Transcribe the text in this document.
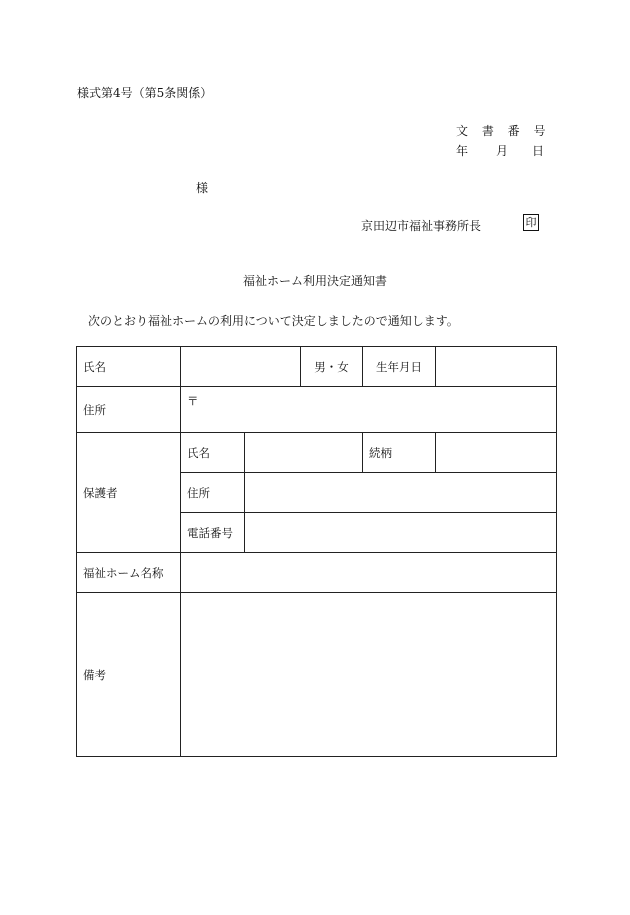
様式第4号（第5条関係）
文 書 番 号
年 月 日
様
京田辺市福祉事務所長	印
福祉ホーム利用決定通知書
次のとおり福祉ホームの利用について決定しましたので通知します。
氏名			男・女	生年月日	
住所	〒				
保護者	氏名			続柄	
	住所				
	電話番号				
福祉ホーム名称					
備考					
